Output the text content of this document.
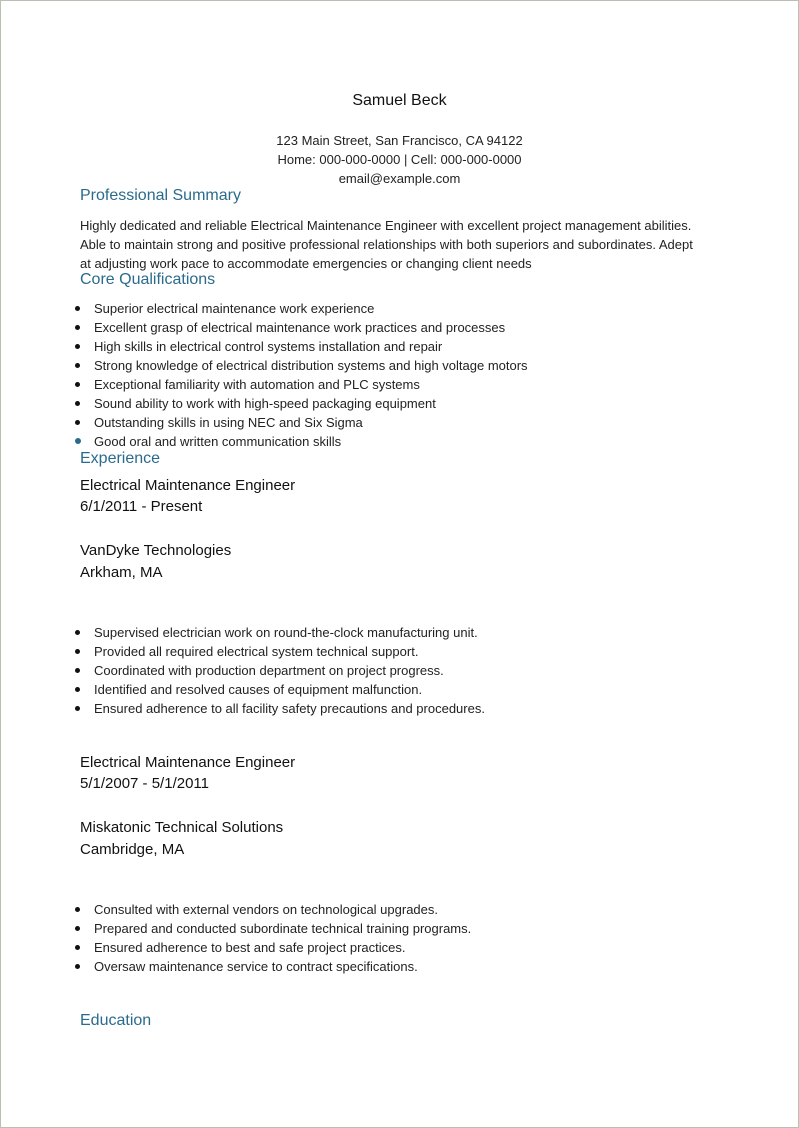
Samuel Beck
123 Main Street, San Francisco, CA 94122
Home: 000-000-0000 | Cell: 000-000-0000
email@example.com
Professional Summary
Highly dedicated and reliable Electrical Maintenance Engineer with excellent project management abilities. Able to maintain strong and positive professional relationships with both superiors and subordinates. Adept at adjusting work pace to accommodate emergencies or changing client needs
Core Qualifications
Superior electrical maintenance work experience
Excellent grasp of electrical maintenance work practices and processes
High skills in electrical control systems installation and repair
Strong knowledge of electrical distribution systems and high voltage motors
Exceptional familiarity with automation and PLC systems
Sound ability to work with high-speed packaging equipment
Outstanding skills in using NEC and Six Sigma
Good oral and written communication skills
Experience
Electrical Maintenance Engineer
6/1/2011 - Present
VanDyke Technologies
Arkham, MA
Supervised electrician work on round-the-clock manufacturing unit.
Provided all required electrical system technical support.
Coordinated with production department on project progress.
Identified and resolved causes of equipment malfunction.
Ensured adherence to all facility safety precautions and procedures.
Electrical Maintenance Engineer
5/1/2007 - 5/1/2011
Miskatonic Technical Solutions
Cambridge, MA
Consulted with external vendors on technological upgrades.
Prepared and conducted subordinate technical training programs.
Ensured adherence to best and safe project practices.
Oversaw maintenance service to contract specifications.
Education
